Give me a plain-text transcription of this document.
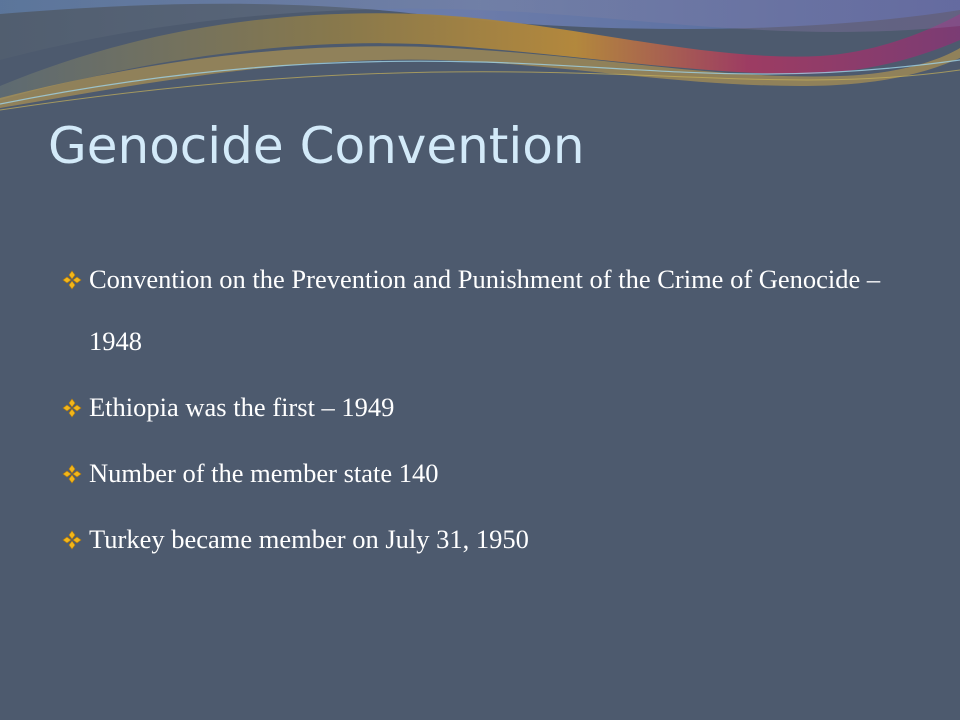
Genocide Convention
Convention on the Prevention and Punishment of the Crime of Genocide – 1948
Ethiopia was the first – 1949
Number of the member state 140
Turkey became member on July 31, 1950
